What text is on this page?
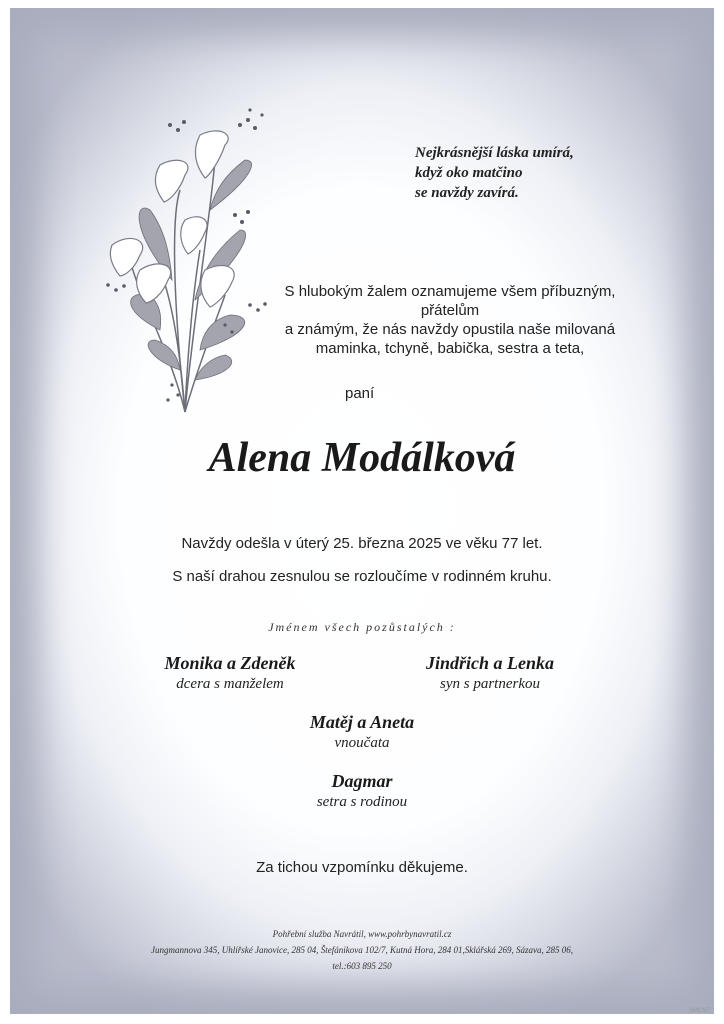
Nejkrásnější láska umírá,
když oko matčino
se navždy zavírá.
S hlubokým žalem oznamujeme všem příbuzným, přátelům
a známým, že nás navždy opustila naše milovaná
maminka, tchyně, babička, sestra a teta,
paní
Alena Modálková
Navždy odešla v úterý 25. března 2025 ve věku 77 let.
S naší drahou zesnulou se rozloučíme v rodinném kruhu.
Jménem všech pozůstalých :
Monika a Zdeněk
dcera s manželem
Jindřich a Lenka
syn s partnerkou
Matěj a Aneta
vnoučata
Dagmar
setra s rodinou
Za tichou vzpomínku děkujeme.
Pohřební služba Navrátil, www.pohrbynavratil.cz
Jungmannova 345, Uhlířské Janovice, 285 04, Štefánikova 102/7, Kutná Hora, 284 01,Sklářská 269, Sázava, 285 06,
tel.:603 895 250
SMCST
